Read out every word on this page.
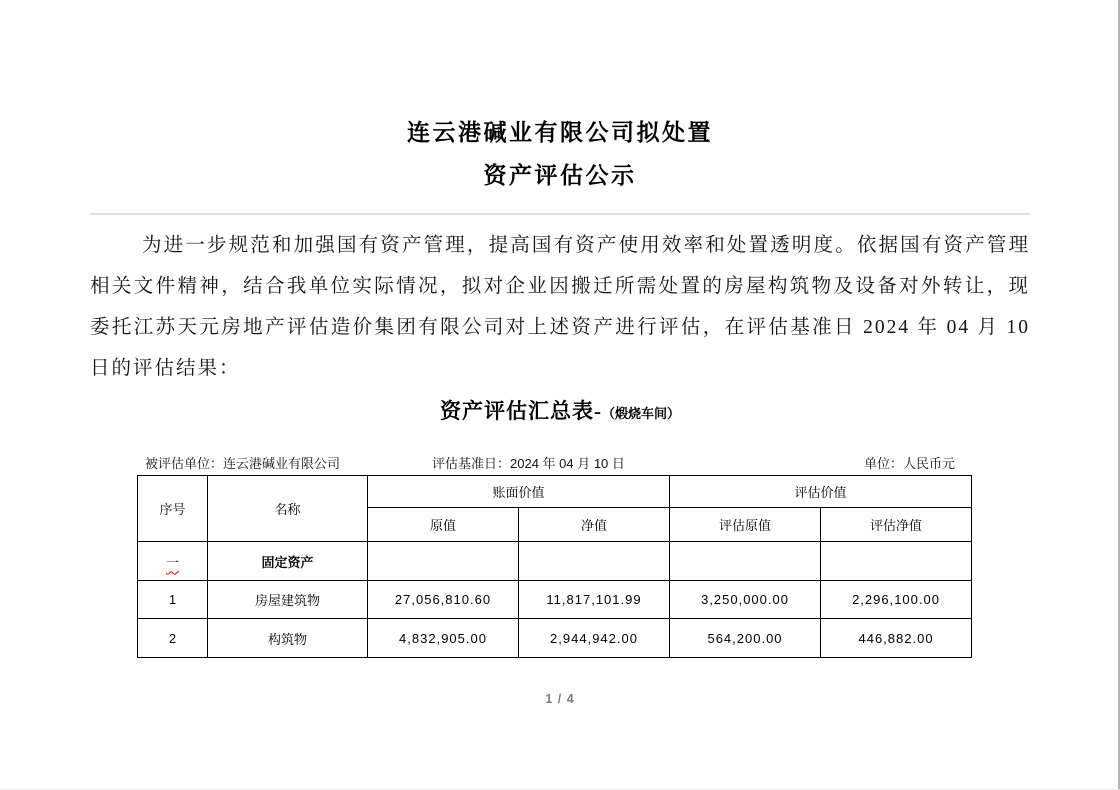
连云港碱业有限公司拟处置
资产评估公示

为进一步规范和加强国有资产管理，提高国有资产使用效率和处置透明度。依据国有资产管理相关文件精神，结合我单位实际情况，拟对企业因搬迁所需处置的房屋构筑物及设备对外转让，现委托江苏天元房地产评估造价集团有限公司对上述资产进行评估，在评估基准日 2024 年 04 月 10 日的评估结果：

资产评估汇总表-（煅烧车间）
被评估单位：连云港碱业有限公司	评估基准日：2024 年 04 月 10 日	单位：人民币元
序号	名称	账面价值		评估价值	
		原值	净值	评估原值	评估净值
一	固定资产				
1	房屋建筑物	27,056,810.60	11,817,101.99	3,250,000.00	2,296,100.00
2	构筑物	4,832,905.00	2,944,942.00	564,200.00	446,882.00
1 / 4
